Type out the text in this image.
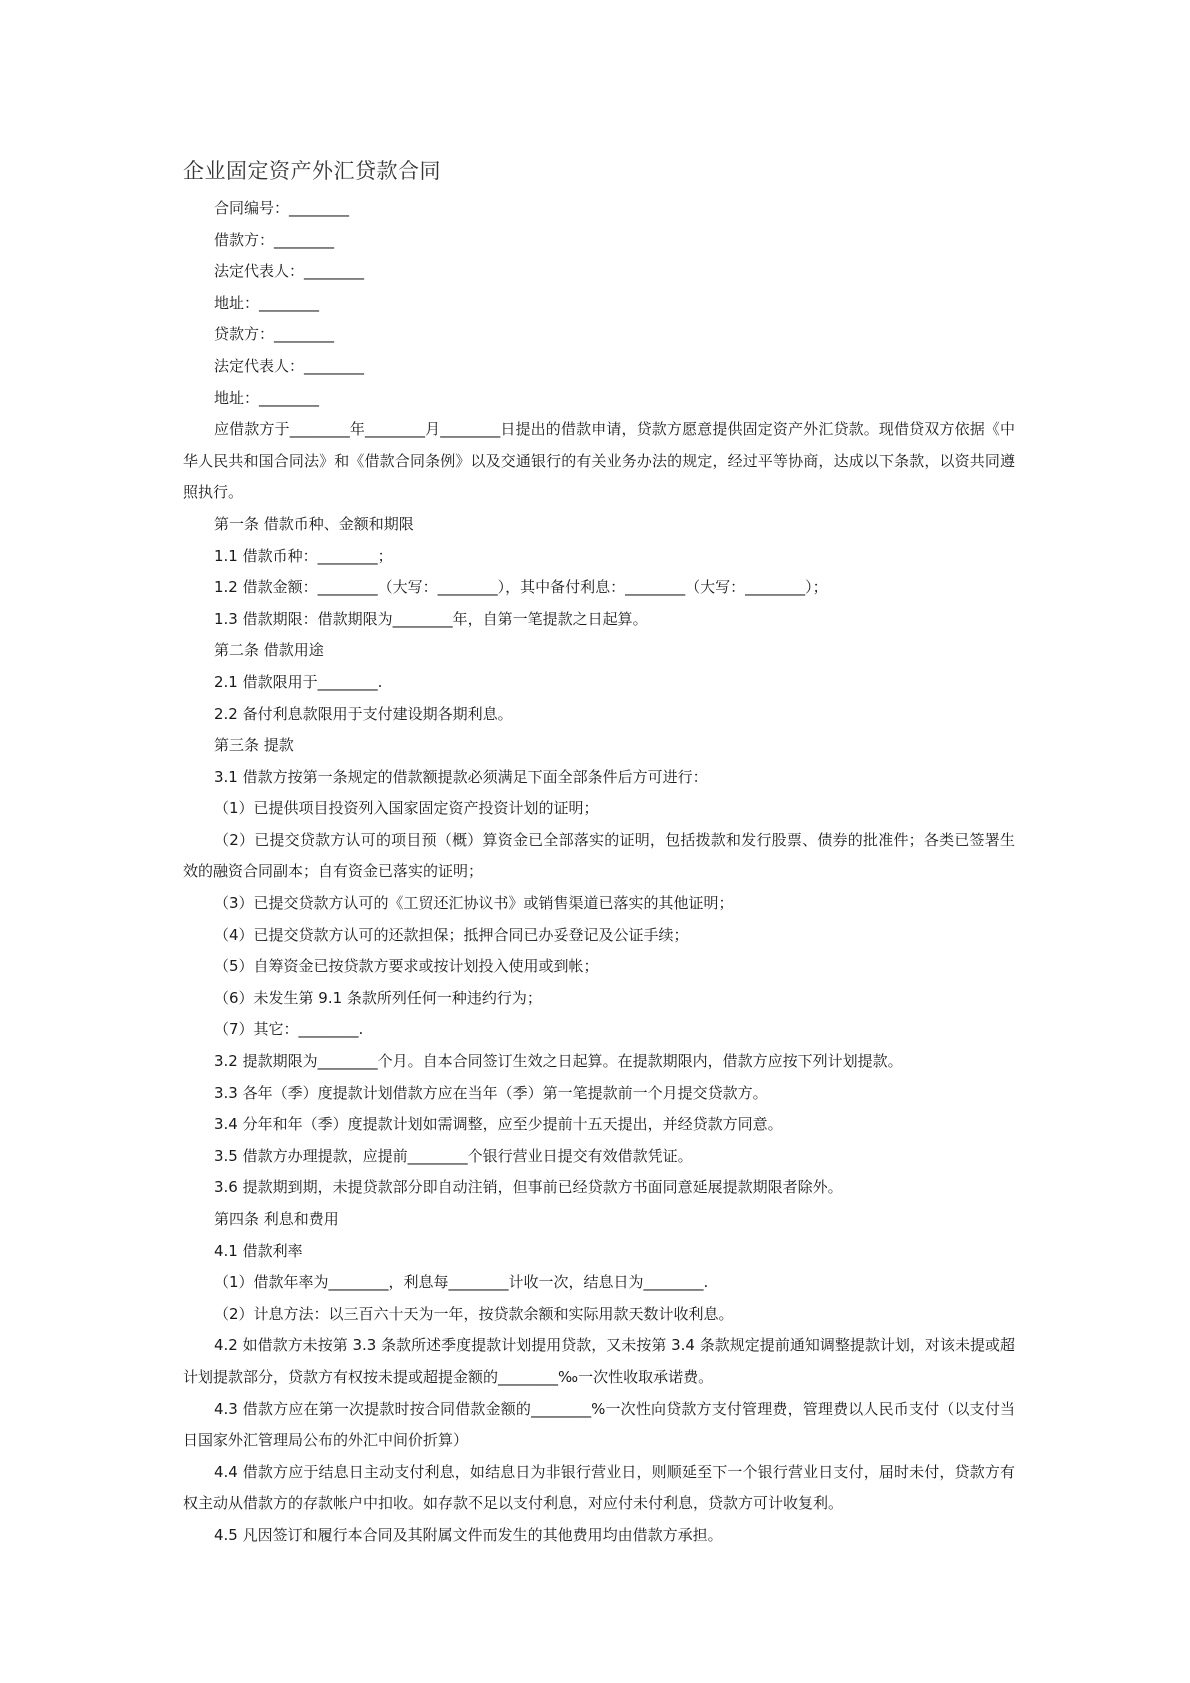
企业固定资产外汇贷款合同

合同编号：________

借款方：________

法定代表人：________

地址：________

贷款方：________

法定代表人：________

地址：________

应借款方于________年________月________日提出的借款申请，贷款方愿意提供固定资产外汇贷款。现借贷双方依据《中华人民共和国合同法》和《借款合同条例》以及交通银行的有关业务办法的规定，经过平等协商，达成以下条款，以资共同遵照执行。

第一条 借款币种、金额和期限

1.1 借款币种：________；

1.2 借款金额：________（大写：________），其中备付利息：________（大写：________）；

1.3 借款期限：借款期限为________年，自第一笔提款之日起算。

第二条 借款用途

2.1 借款限用于________.

2.2 备付利息款限用于支付建设期各期利息。

第三条 提款

3.1 借款方按第一条规定的借款额提款必须满足下面全部条件后方可进行：

（1）已提供项目投资列入国家固定资产投资计划的证明；

（2）已提交贷款方认可的项目预（概）算资金已全部落实的证明，包括拨款和发行股票、债券的批准件；各类已签署生效的融资合同副本；自有资金已落实的证明；

（3）已提交贷款方认可的《工贸还汇协议书》或销售渠道已落实的其他证明；

（4）已提交贷款方认可的还款担保；抵押合同已办妥登记及公证手续；

（5）自筹资金已按贷款方要求或按计划投入使用或到帐；

（6）未发生第 9.1 条款所列任何一种违约行为；

（7）其它：________.

3.2 提款期限为________个月。自本合同签订生效之日起算。在提款期限内，借款方应按下列计划提款。

3.3 各年（季）度提款计划借款方应在当年（季）第一笔提款前一个月提交贷款方。

3.4 分年和年（季）度提款计划如需调整，应至少提前十五天提出，并经贷款方同意。

3.5 借款方办理提款，应提前________个银行营业日提交有效借款凭证。

3.6 提款期到期，未提贷款部分即自动注销，但事前已经贷款方书面同意延展提款期限者除外。

第四条 利息和费用

4.1 借款利率

（1）借款年率为________，利息每________计收一次，结息日为________.

（2）计息方法：以三百六十天为一年，按贷款余额和实际用款天数计收利息。

4.2 如借款方未按第 3.3 条款所述季度提款计划提用贷款，又未按第 3.4 条款规定提前通知调整提款计划，对该未提或超计划提款部分，贷款方有权按未提或超提金额的________‰一次性收取承诺费。

4.3 借款方应在第一次提款时按合同借款金额的________%一次性向贷款方支付管理费，管理费以人民币支付（以支付当日国家外汇管理局公布的外汇中间价折算）

4.4 借款方应于结息日主动支付利息，如结息日为非银行营业日，则顺延至下一个银行营业日支付，届时未付，贷款方有权主动从借款方的存款帐户中扣收。如存款不足以支付利息，对应付未付利息，贷款方可计收复利。

4.5 凡因签订和履行本合同及其附属文件而发生的其他费用均由借款方承担。
